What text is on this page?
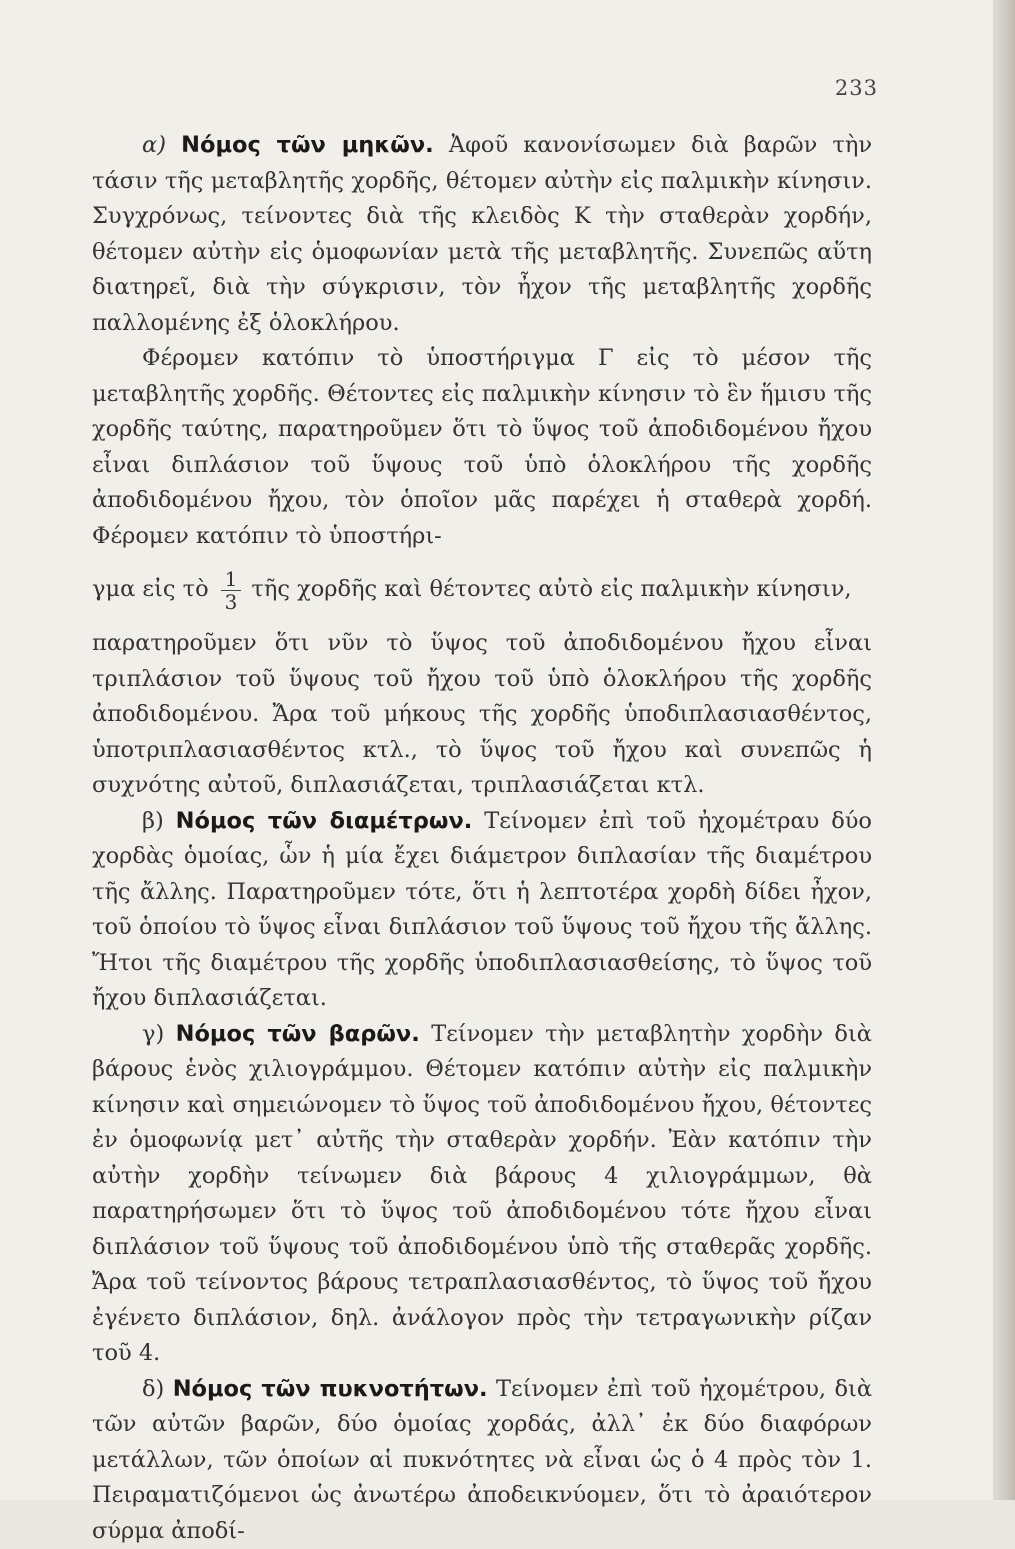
233

α) Νόμος τῶν μηκῶν. Ἀφοῦ κανονίσωμεν διὰ βαρῶν τὴν τάσιν τῆς μεταβλητῆς χορδῆς, θέτομεν αὐτὴν εἰς παλμικὴν κίνησιν. Συγχρόνως, τείνοντες διὰ τῆς κλειδὸς K τὴν σταθερὰν χορδήν, θέτομεν αὐτὴν εἰς ὁμοφωνίαν μετὰ τῆς μεταβλητῆς. Συνεπῶς αὕτη διατηρεῖ, διὰ τὴν σύγκρισιν, τὸν ἦχον τῆς μεταβλητῆς χορδῆς παλλομένης ἐξ ὁλοκλήρου.

Φέρομεν κατόπιν τὸ ὑποστήριγμα Γ εἰς τὸ μέσον τῆς μεταβλητῆς χορδῆς. Θέτοντες εἰς παλμικὴν κίνησιν τὸ ἓν ἥμισυ τῆς χορδῆς ταύτης, παρατηροῦμεν ὅτι τὸ ὕψος τοῦ ἀποδιδομένου ἤχου εἶναι διπλάσιον τοῦ ὕψους τοῦ ὑπὸ ὁλοκλήρου τῆς χορδῆς ἀποδιδομένου ἤχου, τὸν ὁποῖον μᾶς παρέχει ἡ σταθερὰ χορδή. Φέρομεν κατόπιν τὸ ὑποστήρι-

γμα εἰς τὸ $\frac{1}{3}$ τῆς χορδῆς καὶ θέτοντες αὐτὸ εἰς παλμικὴν κίνησιν,

παρατηροῦμεν ὅτι νῦν τὸ ὕψος τοῦ ἀποδιδομένου ἤχου εἶναι τριπλάσιον τοῦ ὕψους τοῦ ἤχου τοῦ ὑπὸ ὁλοκλήρου τῆς χορδῆς ἀποδιδομένου. Ἄρα τοῦ μήκους τῆς χορδῆς ὑποδιπλασιασθέντος, ὑποτριπλασιασθέντος κτλ., τὸ ὕψος τοῦ ἤχου καὶ συνεπῶς ἡ συχνότης αὐτοῦ, διπλασιάζεται, τριπλασιάζεται κτλ.

β) Νόμος τῶν διαμέτρων. Τείνομεν ἐπὶ τοῦ ἠχομέτραυ δύο χορδὰς ὁμοίας, ὧν ἡ μία ἔχει διάμετρον διπλασίαν τῆς διαμέτρου τῆς ἄλλης. Παρατηροῦμεν τότε, ὅτι ἡ λεπτοτέρα χορδὴ δίδει ἦχον, τοῦ ὁποίου τὸ ὕψος εἶναι διπλάσιον τοῦ ὕψους τοῦ ἤχου τῆς ἄλλης. Ἤτοι τῆς διαμέτρου τῆς χορδῆς ὑποδιπλασιασθείσης, τὸ ὕψος τοῦ ἤχου διπλασιάζεται.

γ) Νόμος τῶν βαρῶν. Τείνομεν τὴν μεταβλητὴν χορδὴν διὰ βάρους ἑνὸς χιλιογράμμου. Θέτομεν κατόπιν αὐτὴν εἰς παλμικὴν κίνησιν καὶ σημειώνομεν τὸ ὕψος τοῦ ἀποδιδομένου ἤχου, θέτοντες ἐν ὁμοφωνίᾳ μετ᾽ αὐτῆς τὴν σταθερὰν χορδήν. Ἐὰν κατόπιν τὴν αὐτὴν χορδὴν τείνωμεν διὰ βάρους 4 χιλιογράμμων, θὰ παρατηρήσωμεν ὅτι τὸ ὕψος τοῦ ἀποδιδομένου τότε ἤχου εἶναι διπλάσιον τοῦ ὕψους τοῦ ἀποδιδομένου ὑπὸ τῆς σταθερᾶς χορδῆς. Ἄρα τοῦ τείνοντος βάρους τετραπλασιασθέντος, τὸ ὕψος τοῦ ἤχου ἐγένετο διπλάσιον, δηλ. ἀνάλογον πρὸς τὴν τετραγωνικὴν ρίζαν τοῦ 4.

δ) Νόμος τῶν πυκνοτήτων. Τείνομεν ἐπὶ τοῦ ἠχομέτρου, διὰ τῶν αὐτῶν βαρῶν, δύο ὁμοίας χορδάς, ἀλλ᾽ ἐκ δύο διαφόρων μετάλλων, τῶν ὁποίων αἱ πυκνότητες νὰ εἶναι ὡς ὁ 4 πρὸς τὸν 1. Πειραματιζόμενοι ὡς ἀνωτέρω ἀποδεικνύομεν, ὅτι τὸ ἀραιότερον σύρμα ἀποδί-
